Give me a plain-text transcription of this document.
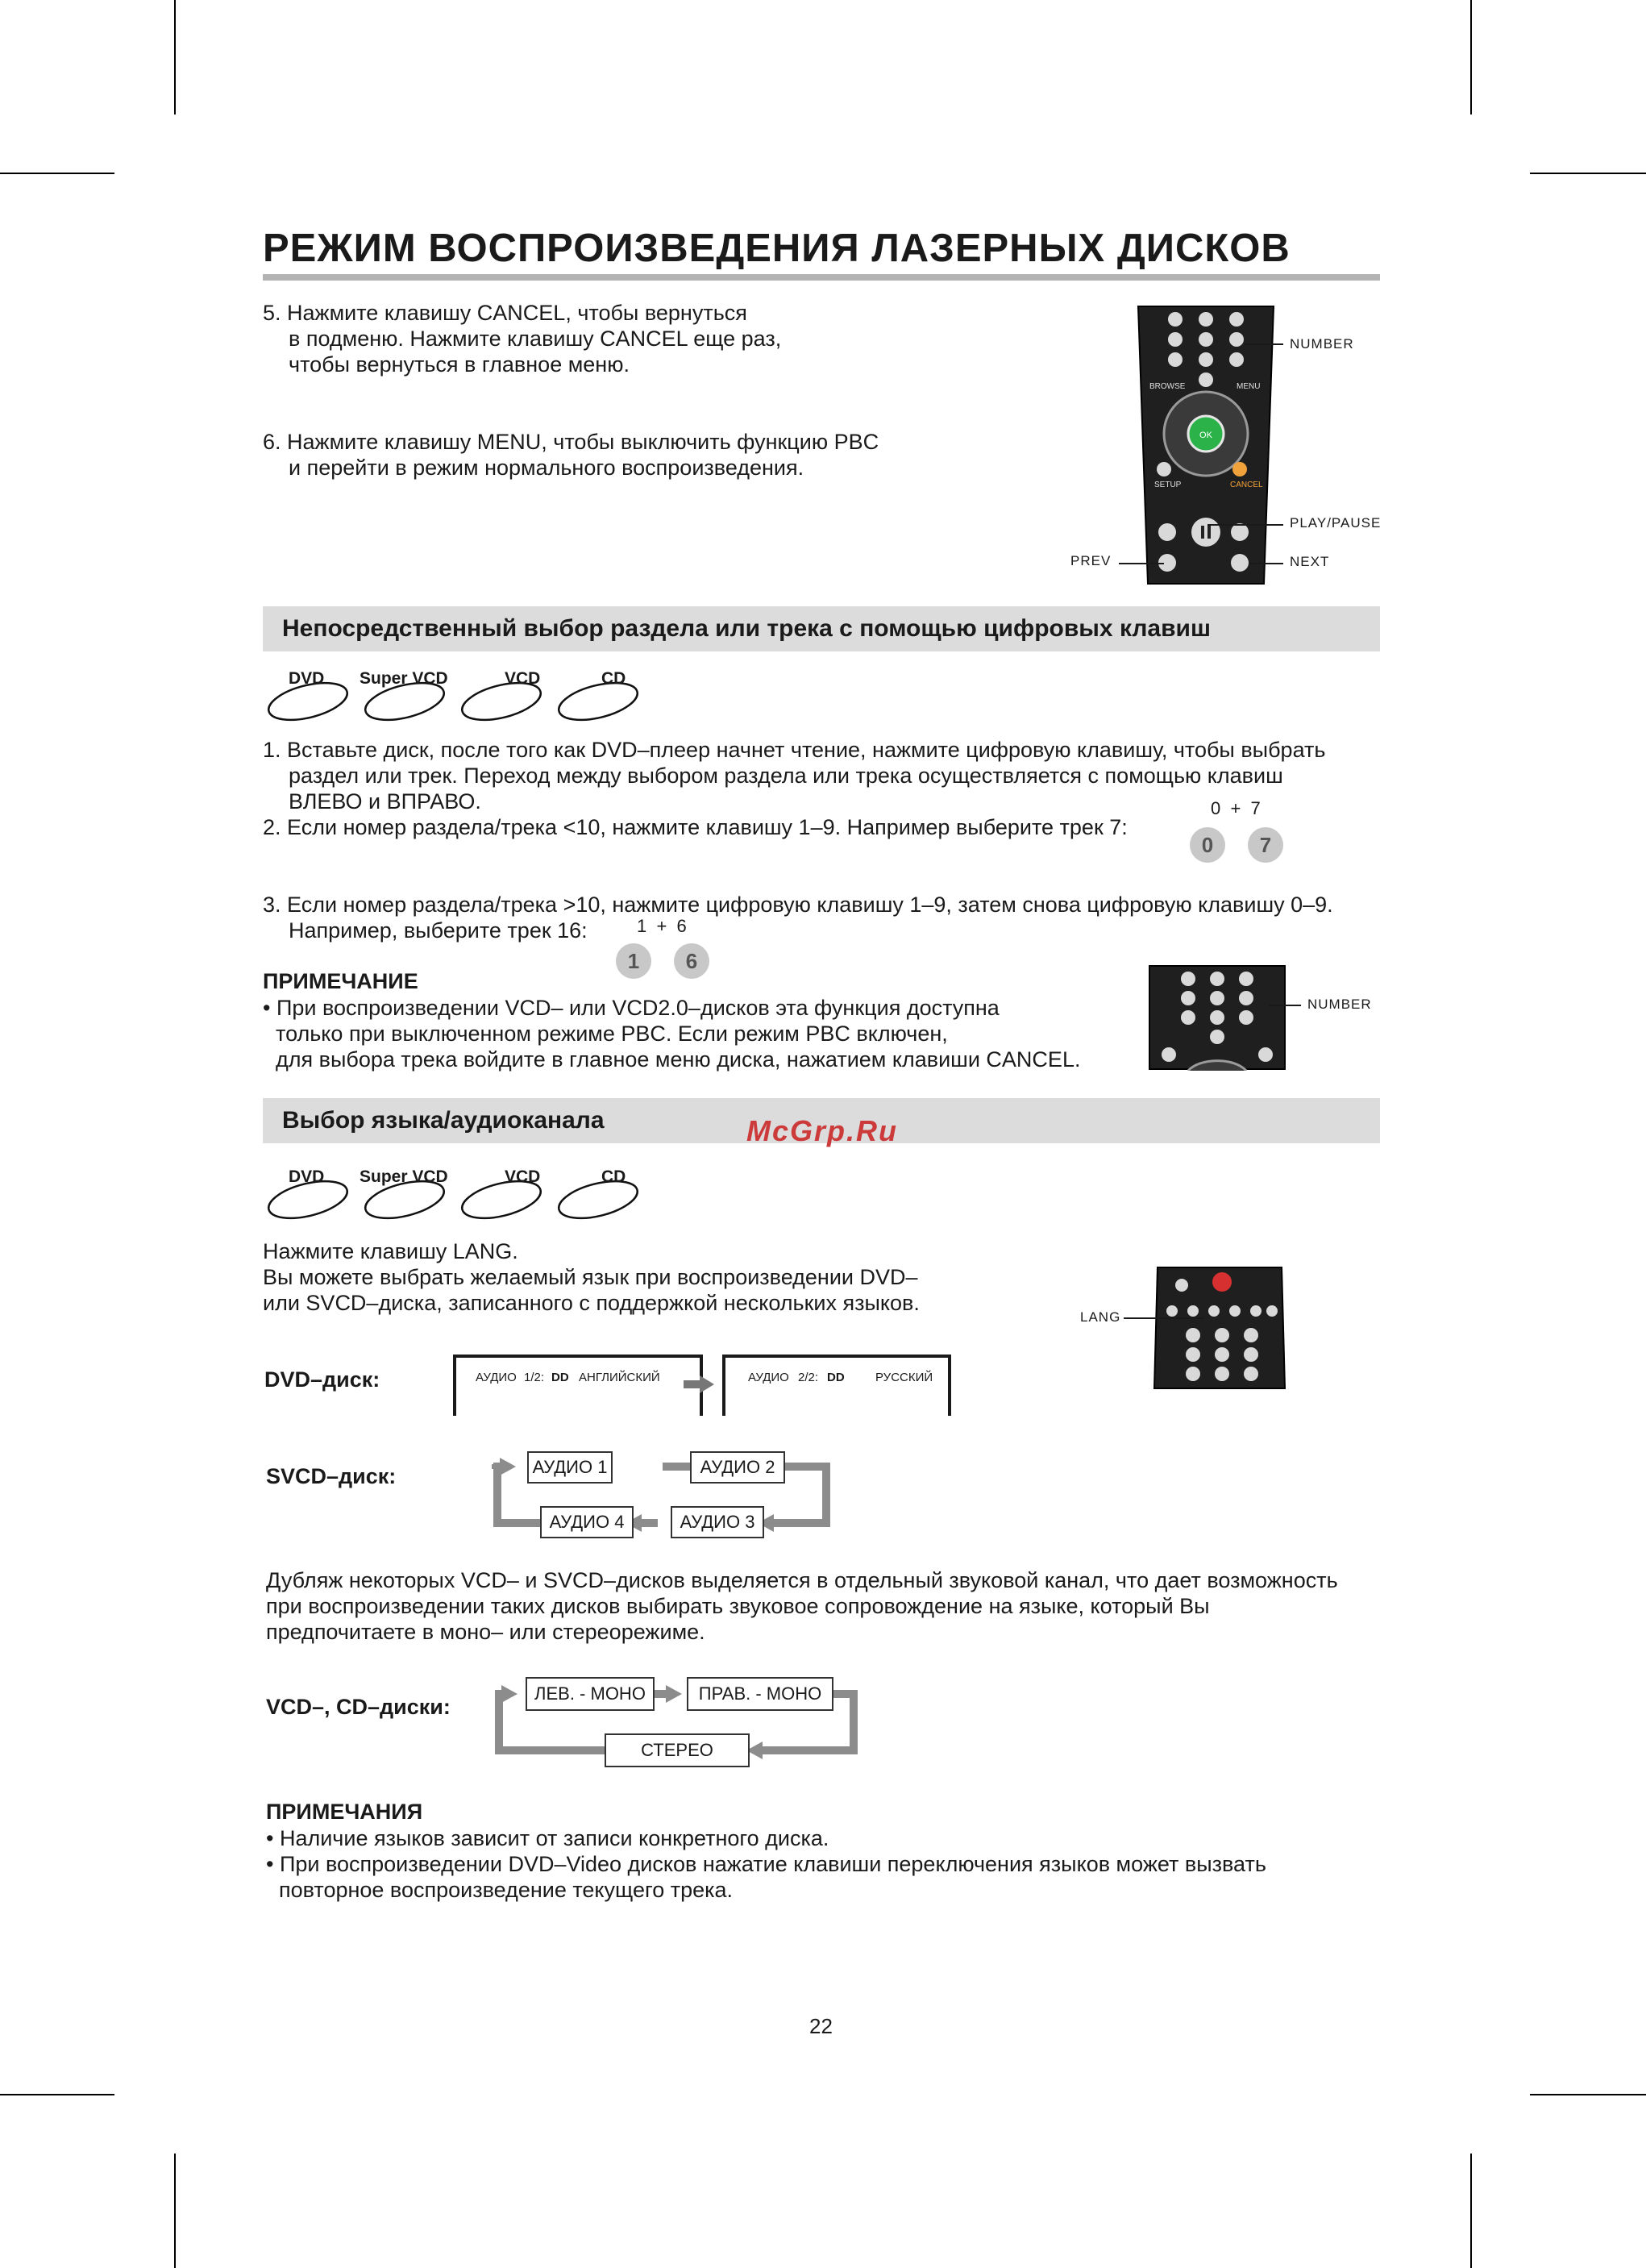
РЕЖИМ ВОСПРОИЗВЕДЕНИЯ ЛАЗЕРНЫХ ДИСКОВ
5. Нажмите клавишу CANCEL, чтобы вернуться
в подменю. Нажмите клавишу CANCEL еще раз,
чтобы вернуться в главное меню.
6. Нажмите клавишу MENU, чтобы выключить функцию PBC
и перейти в режим нормального воспроизведения.
OK
BROWSE	MENU
SETUP	CANCEL
NUMBER
PLAY/PAUSE
PREV	NEXT
Непосредственный выбор раздела или трека с помощью цифровых клавиш
DVD Super VCD	VCD	CD
1. Вставьте диск, после того как DVD–плеер начнет чтение, нажмите цифровую клавишу, чтобы выбрать
раздел или трек. Переход между выбором раздела или трека осуществляется с помощью клавиш
ВЛЕВО и ВПРАВО.
2. Если номер раздела/трека <10, нажмите клавишу 1–9. Например выберите трек 7:
0  +  7
0	7
3. Если номер раздела/трека >10, нажмите цифровую клавишу 1–9, затем снова цифровую клавишу 0–9.
Например, выберите трек 16:	1  +  6
1	6
ПРИМЕЧАНИЕ
• При воспроизведении VCD– или VCD2.0–дисков эта функция доступна
только при выключенном режиме PBC. Если режим PBC включен,
для выбора трека войдите в главное меню диска, нажатием клавиши CANCEL.
NUMBER
Выбор языка/аудиоканала	McGrp.Ru
DVD Super VCD	VCD	CD
Нажмите клавишу LANG.
Вы можете выбрать желаемый язык при воспроизведении DVD–
или SVCD–диска, записанного с поддержкой нескольких языков.
LANG
DVD–диск:	АУДИО 1/2: DD АНГЛИЙСКИЙ	АУДИО 2/2: DD	РУССКИЙ
SVCD–диск:	АУДИО 1	АУДИО 2
АУДИО 4	АУДИО 3
Дубляж некоторых VCD– и SVCD–дисков выделяется в отдельный звуковой канал, что дает возможность
при воспроизведении таких дисков выбирать звуковое сопровождение на языке, который Вы
предпочитаете в моно– или стереорежиме.
VCD–, CD–диски:
ЛЕВ. - МОНО	ПРАВ. - МОНО
СТЕРЕО
ПРИМЕЧАНИЯ
• Наличие языков зависит от записи конкретного диска.
• При воспроизведении DVD–Video дисков нажатие клавиши переключения языков может вызвать
повторное воспроизведение текущего трека.
22
